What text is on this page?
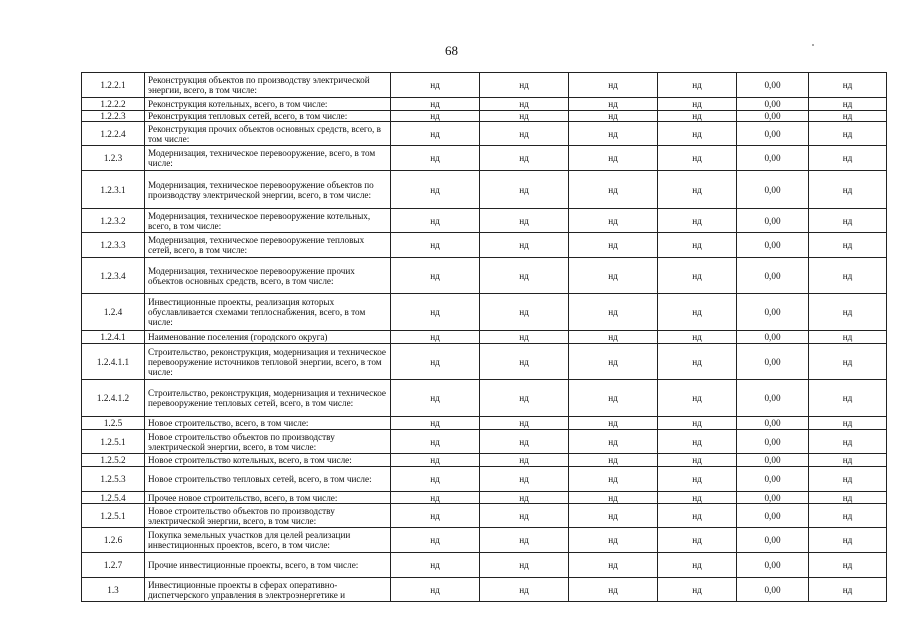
68
1.2.2.1	Реконструкция объектов по производству электрической энергии, всего, в том числе:	нд	нд	нд	нд	0,00	нд
1.2.2.2	Реконструкция котельных, всего, в том числе:	нд	нд	нд	нд	0,00	нд
1.2.2.3	Реконструкция тепловых сетей, всего, в том числе:	нд	нд	нд	нд	0,00	нд
1.2.2.4	Реконструкция прочих объектов основных средств, всего, в том числе:	нд	нд	нд	нд	0,00	нд
1.2.3	Модернизация, техническое перевооружение, всего, в том числе:	нд	нд	нд	нд	0,00	нд
1.2.3.1	Модернизация, техническое перевооружение объектов по производству электрической энергии, всего, в том числе:	нд	нд	нд	нд	0,00	нд
1.2.3.2	Модернизация, техническое перевооружение котельных, всего, в том числе:	нд	нд	нд	нд	0,00	нд
1.2.3.3	Модернизация, техническое перевооружение тепловых сетей, всего, в том числе:	нд	нд	нд	нд	0,00	нд
1.2.3.4	Модернизация, техническое перевооружение прочих объектов основных средств, всего, в том числе:	нд	нд	нд	нд	0,00	нд
1.2.4	Инвестиционные проекты, реализация которых обуславливается схемами теплоснабжения, всего, в том числе:	нд	нд	нд	нд	0,00	нд
1.2.4.1	Наименование поселения (городского округа)	нд	нд	нд	нд	0,00	нд
1.2.4.1.1	Строительство, реконструкция, модернизация и техническое перевооружение источников тепловой энергии, всего, в том числе:	нд	нд	нд	нд	0,00	нд
1.2.4.1.2	Строительство, реконструкция, модернизация и техническое перевооружение тепловых сетей, всего, в том числе:	нд	нд	нд	нд	0,00	нд
1.2.5	Новое строительство, всего, в том числе:	нд	нд	нд	нд	0,00	нд
1.2.5.1	Новое строительство объектов по производству электрической энергии, всего, в том числе:	нд	нд	нд	нд	0,00	нд
1.2.5.2	Новое строительство котельных, всего, в том числе:	нд	нд	нд	нд	0,00	нд
1.2.5.3	Новое строительство тепловых сетей, всего, в том числе:	нд	нд	нд	нд	0,00	нд
1.2.5.4	Прочее новое строительство, всего, в том числе:	нд	нд	нд	нд	0,00	нд
1.2.5.1	Новое строительство объектов по производству электрической энергии, всего, в том числе:	нд	нд	нд	нд	0,00	нд
1.2.6	Покупка земельных участков для целей реализации инвестиционных проектов, всего, в том числе:	нд	нд	нд	нд	0,00	нд
1.2.7	Прочие инвестиционные проекты, всего, в том числе:	нд	нд	нд	нд	0,00	нд
1.3	Инвестиционные проекты в сферах оперативно-диспетчерского управления в электроэнергетике и	нд	нд	нд	нд	0,00	нд
